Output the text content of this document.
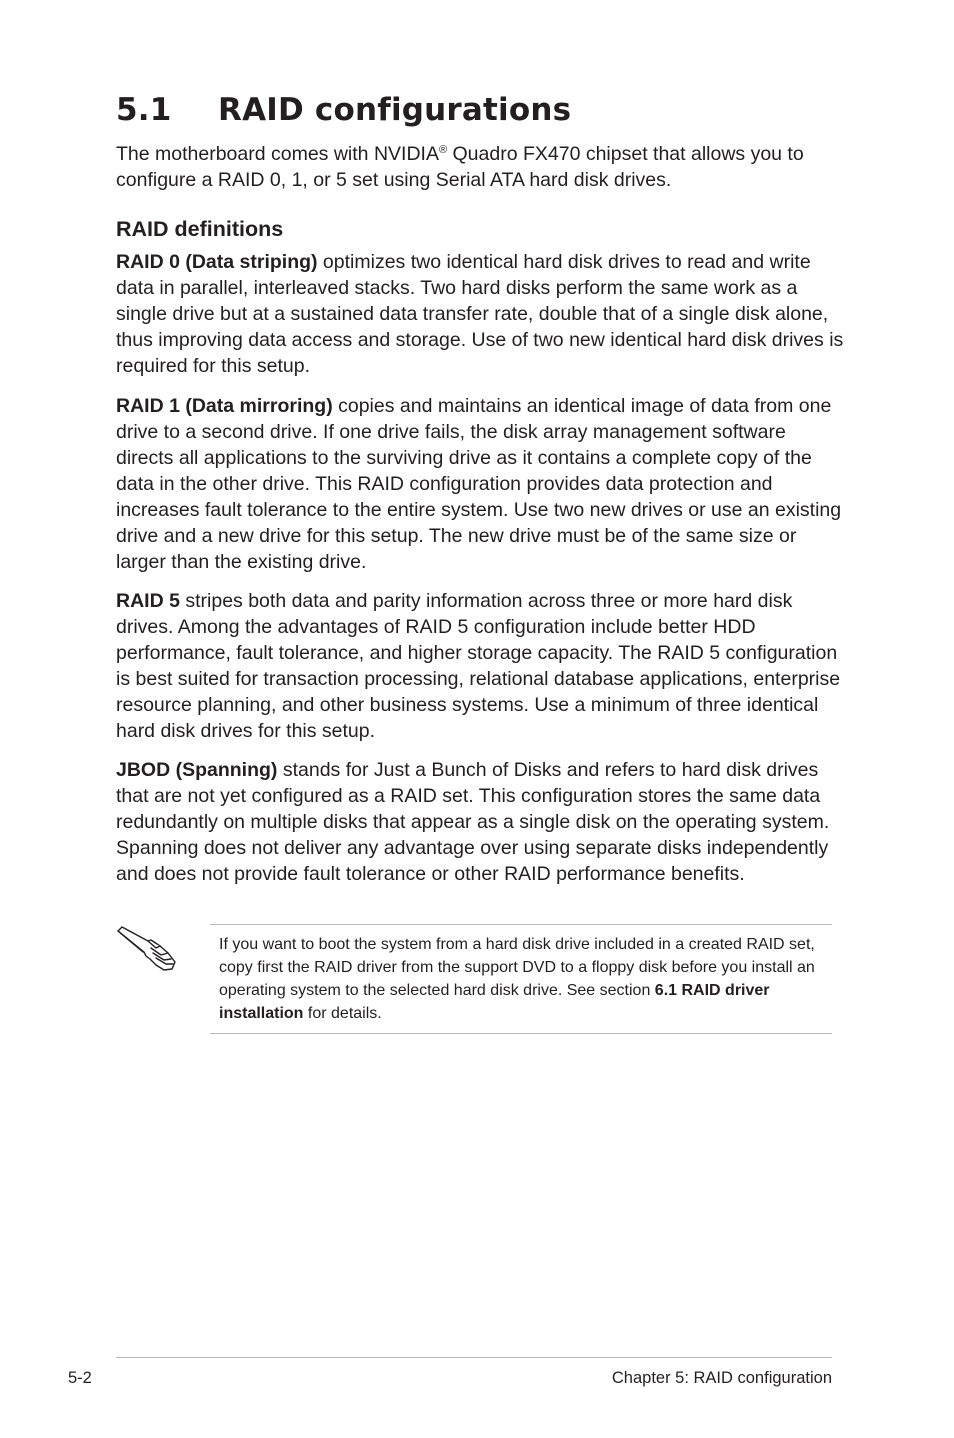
5.1 RAID configurations

The motherboard comes with NVIDIA® Quadro FX470 chipset that allows you to configure a RAID 0, 1, or 5 set using Serial ATA hard disk drives.

RAID definitions

RAID 0 (Data striping) optimizes two identical hard disk drives to read and write data in parallel, interleaved stacks. Two hard disks perform the same work as a single drive but at a sustained data transfer rate, double that of a single disk alone, thus improving data access and storage. Use of two new identical hard disk drives is required for this setup.

RAID 1 (Data mirroring) copies and maintains an identical image of data from one drive to a second drive. If one drive fails, the disk array management software directs all applications to the surviving drive as it contains a complete copy of the data in the other drive. This RAID configuration provides data protection and increases fault tolerance to the entire system. Use two new drives or use an existing drive and a new drive for this setup. The new drive must be of the same size or larger than the existing drive.

RAID 5 stripes both data and parity information across three or more hard disk drives. Among the advantages of RAID 5 configuration include better HDD performance, fault tolerance, and higher storage capacity. The RAID 5 configuration is best suited for transaction processing, relational database applications, enterprise resource planning, and other business systems. Use a minimum of three identical hard disk drives for this setup.

JBOD (Spanning) stands for Just a Bunch of Disks and refers to hard disk drives that are not yet configured as a RAID set. This configuration stores the same data redundantly on multiple disks that appear as a single disk on the operating system. Spanning does not deliver any advantage over using separate disks independently and does not provide fault tolerance or other RAID performance benefits.

If you want to boot the system from a hard disk drive included in a created RAID set, copy first the RAID driver from the support DVD to a floppy disk before you install an operating system to the selected hard disk drive. See section 6.1 RAID driver installation for details.

5-2	Chapter 5: RAID configuration
